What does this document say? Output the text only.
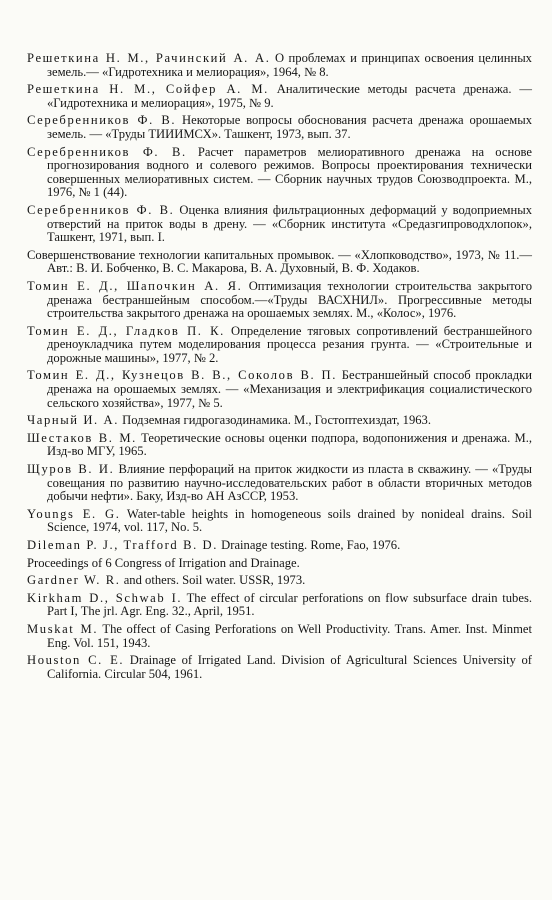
Решеткина Н. М., Рачинский А. А. О проблемах и принципах освоения целинных земель.— «Гидротехника и мелиорация», 1964, № 8.

Решеткина Н. М., Сойфер А. М. Аналитические методы расчета дренажа. — «Гидротехника и мелиорация», 1975, № 9.

Серебренников Ф. В. Некоторые вопросы обоснования расчета дренажа орошаемых земель. — «Труды ТИИИМСХ». Ташкент, 1973, вып. 37.

Серебренников Ф. В. Расчет параметров мелиоративного дренажа на основе прогнозирования водного и солевого режимов. Вопросы проектирования технически совершенных мелиоративных систем. — Сборник научных трудов Союзводпроекта. М., 1976, № 1 (44).

Серебренников Ф. В. Оценка влияния фильтрационных деформаций у водоприемных отверстий на приток воды в дрену. — «Сборник института «Средазгипроводхлопок», Ташкент, 1971, вып. I.

Совершенствование технологии капитальных промывок. — «Хлопководство», 1973, № 11.— Авт.: В. И. Бобченко, В. С. Макарова, В. А. Духовный, В. Ф. Ходаков.

Томин Е. Д., Шапочкин А. Я. Оптимизация технологии строительства закрытого дренажа бестраншейным способом.—«Труды ВАСХНИЛ». Прогрессивные методы строительства закрытого дренажа на орошаемых землях. М., «Колос», 1976.

Томин Е. Д., Гладков П. К. Определение тяговых сопротивлений бестраншейного дреноукладчика путем моделирования процесса резания грунта. — «Строительные и дорожные машины», 1977, № 2.

Томин Е. Д., Кузнецов В. В., Соколов В. П. Бестраншейный способ прокладки дренажа на орошаемых землях. — «Механизация и электрификация социалистического сельского хозяйства», 1977, № 5.

Чарный И. А. Подземная гидрогазодинамика. М., Гостоптехиздат, 1963.

Шестаков В. М. Теоретические основы оценки подпора, водопонижения и дренажа. М., Изд-во МГУ, 1965.

Щуров В. И. Влияние перфораций на приток жидкости из пласта в скважину. — «Труды совещания по развитию научно-исследовательских работ в области вторичных методов добычи нефти». Баку, Изд-во АН АзССР, 1953.

Youngs E. G. Water-table heights in homogeneous soils drained by nonideal drains. Soil Science, 1974, vol. 117, No. 5.

Dileman P. J., Trafford B. D. Drainage testing. Rome, Fao, 1976.

Proceedings of 6 Congress of Irrigation and Drainage.

Gardner W. R. and others. Soil water. USSR, 1973.

Kirkham D., Schwab I. The effect of circular perforations on flow subsurface drain tubes. Part I, The jrl. Agr. Eng. 32., April, 1951.

Muskat M. The offect of Casing Perforations on Well Productivity. Trans. Amer. Inst. Minmet Eng. Vol. 151, 1943.

Houston C. E. Drainage of Irrigated Land. Division of Agricultural Sciences University of California. Circular 504, 1961.
